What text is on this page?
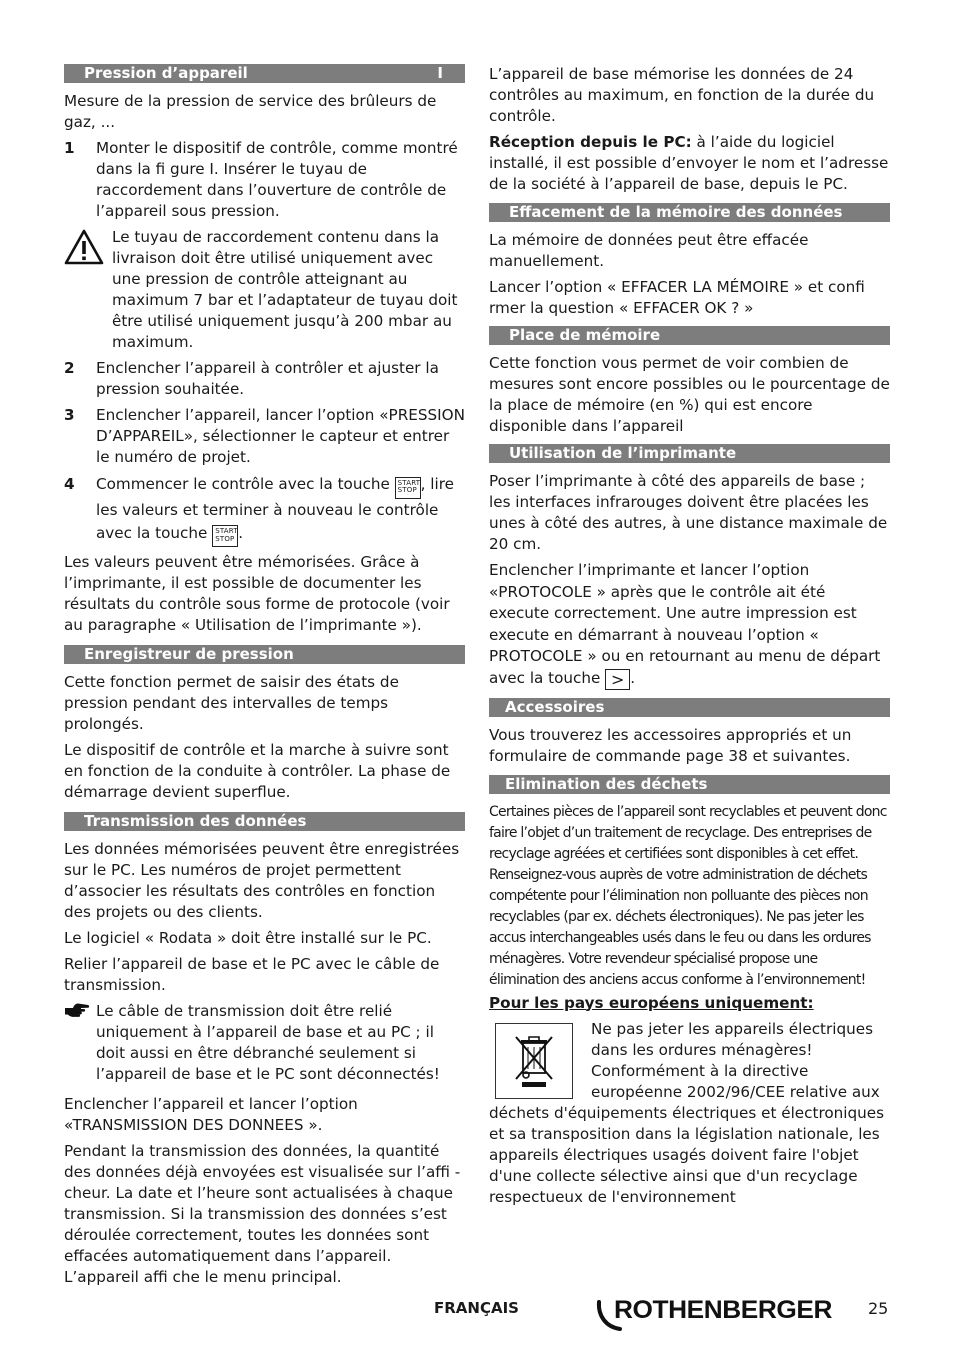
Pression d’appareil	I

Mesure de la pression de service des brûleurs de gaz, ...

1	Monter le dispositif de contrôle, comme montré dans la fi gure I. Insérer le tuyau de raccordement dans l’ouverture de contrôle de l’appareil sous pression.
Le tuyau de raccordement contenu dans la livraison doit être utilisé uniquement avec une pression de contrôle atteignant au maximum 7 bar et l’adaptateur de tuyau doit être utilisé uniquement jusqu’à 200 mbar au maximum.
2	Enclencher l’appareil à contrôler et ajuster la pression souhaitée.
3	Enclencher l’appareil, lancer l’option «PRESSION D’APPAREIL», sélectionner le capteur et entrer le numéro de projet.
4	Commencer le contrôle avec la touche START
STOP , lire les valeurs et terminer à nouveau le contrôle avec la touche START
STOP .

Les valeurs peuvent être mémorisées. Grâce à l’imprimante, il est possible de documenter les résultats du contrôle sous forme de protocole (voir au paragraphe « Utilisation de l’imprimante »).

Enregistreur de pression

Cette fonction permet de saisir des états de pression pendant des intervalles de temps prolongés.

Le dispositif de contrôle et la marche à suivre sont en fonction de la conduite à contrôler. La phase de démarrage devient superflue.

Transmission des données

Les données mémorisées peuvent être enregistrées sur le PC. Les numéros de projet permettent d’associer les résultats des contrôles en fonction des projets ou des clients.

Le logiciel « Rodata » doit être installé sur le PC.

Relier l’appareil de base et le PC avec le câble de transmission.

Le câble de transmission doit être relié uniquement à l’appareil de base et au PC ; il doit aussi en être débranché seulement si l’appareil de base et le PC sont déconnectés!

Enclencher l’appareil et lancer l’option «TRANSMISSION DES DONNEES ».

Pendant la transmission des données, la quantité des données déjà envoyées est visualisée sur l’affi - cheur. La date et l’heure sont actualisées à chaque transmission. Si la transmission des données s’est déroulée correctement, toutes les données sont effacées automatiquement dans l’appareil. L’appareil affi che le menu principal.

L’appareil de base mémorise les données de 24 contrôles au maximum, en fonction de la durée du contrôle.

Réception depuis le PC: à l’aide du logiciel installé, il est possible d’envoyer le nom et l’adresse de la société à l’appareil de base, depuis le PC.

Effacement de la mémoire des données

La mémoire de données peut être effacée manuellement.

Lancer l’option « EFFACER LA MÉMOIRE » et confi rmer la question « EFFACER OK ? »

Place de mémoire

Cette fonction vous permet de voir combien de mesures sont encore possibles ou le pourcentage de la place de mémoire (en %) qui est encore disponible dans l’appareil

Utilisation de l’imprimante

Poser l’imprimante à côté des appareils de base ; les interfaces infrarouges doivent être placées les unes à côté des autres, à une distance maximale de 20 cm.

Enclencher l’imprimante et lancer l’option «PROTOCOLE » après que le contrôle ait été execute correctement. Une autre impression est execute en démarrant à nouveau l’option « PROTOCOLE » ou en retournant au menu de départ avec la touche > .

Accessoires

Vous trouverez les accessoires appropriés et un formulaire de commande page 38 et suivantes.

Elimination des déchets

Certaines pièces de l’appareil sont recyclables et peuvent donc faire l’objet d’un traitement de recyclage. Des entreprises de recyclage agréées et certifiées sont disponibles à cet effet. Renseignez-vous auprès de votre administration de déchets compétente pour l’élimination non polluante des pièces non recyclables (par ex. déchets électroniques). Ne pas jeter les accus interchangeables usés dans le feu ou dans les ordures ménagères. Votre revendeur spécialisé propose une élimination des anciens accus conforme à l’environnement!

Pour les pays européens uniquement:
Ne pas jeter les appareils électriques dans les ordures ménagères! Conformément à la directive européenne 2002/96/CEE relative aux déchets d'équipements électriques et électroniques et sa transposition dans la législation nationale, les appareils électriques usagés doivent faire l'objet d'une collecte sélective ainsi que d'un recyclage respectueux de l'environnement
FRANÇAIS	ROTHENBERGER 25
